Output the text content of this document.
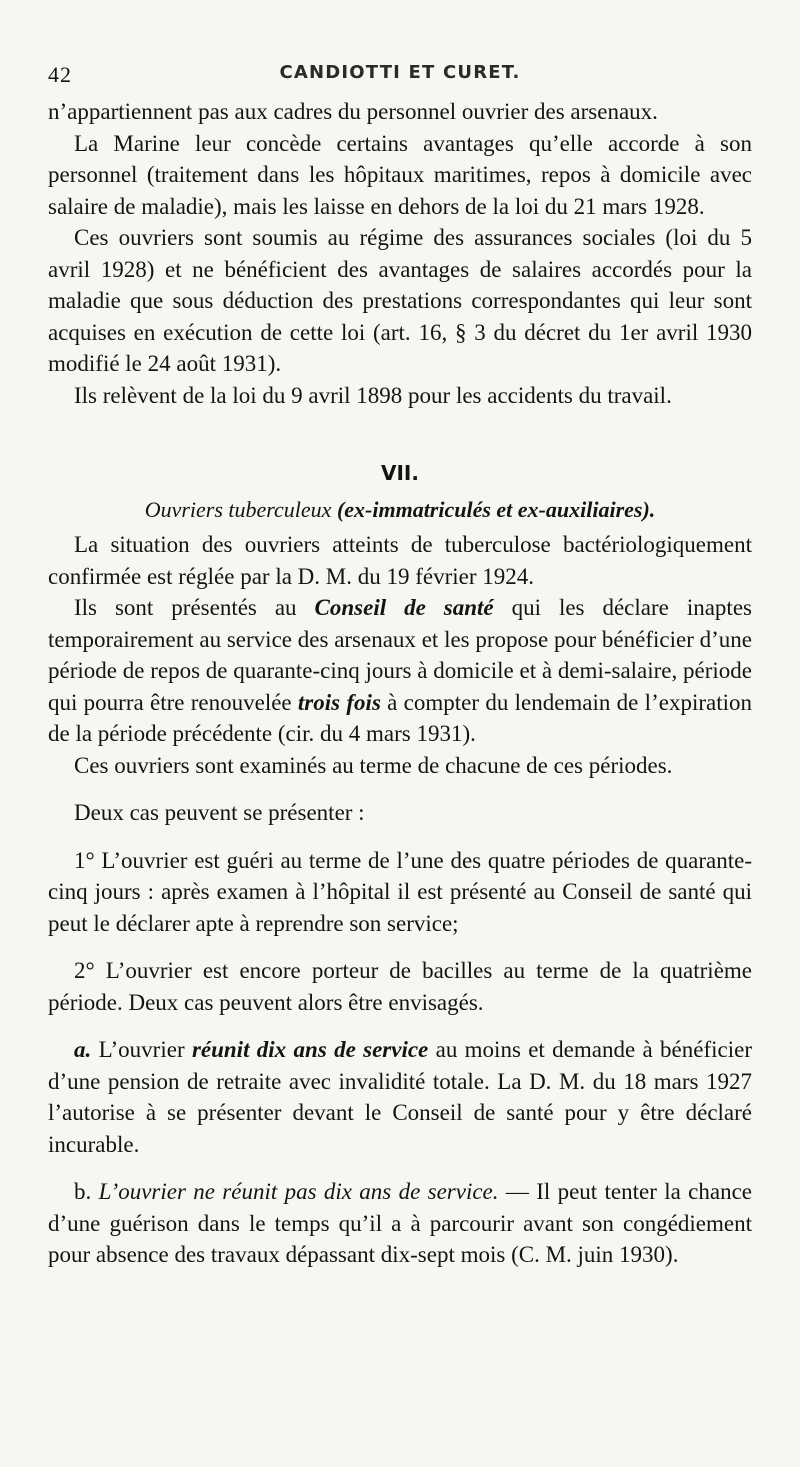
42	CANDIOTTI ET CURET.

n’appartiennent pas aux cadres du personnel ouvrier des arsenaux.

La Marine leur concède certains avantages qu’elle accorde à son personnel (traitement dans les hôpitaux maritimes, repos à domicile avec salaire de maladie), mais les laisse en dehors de la loi du 21 mars 1928.

Ces ouvriers sont soumis au régime des assurances sociales (loi du 5 avril 1928) et ne bénéficient des avantages de salaires accordés pour la maladie que sous déduction des prestations correspondantes qui leur sont acquises en exécution de cette loi (art. 16, § 3 du décret du 1er avril 1930 modifié le 24 août 1931).

Ils relèvent de la loi du 9 avril 1898 pour les accidents du travail.

VII.
Ouvriers tuberculeux (ex-immatriculés et ex-auxiliaires).

La situation des ouvriers atteints de tuberculose bactériologiquement confirmée est réglée par la D. M. du 19 février 1924.

Ils sont présentés au Conseil de santé qui les déclare inaptes temporairement au service des arsenaux et les propose pour bénéficier d’une période de repos de quarante-cinq jours à domicile et à demi-salaire, période qui pourra être renouvelée trois fois à compter du lendemain de l’expiration de la période précédente (cir. du 4 mars 1931).

Ces ouvriers sont examinés au terme de chacune de ces périodes.

Deux cas peuvent se présenter :

1° L’ouvrier est guéri au terme de l’une des quatre périodes de quarante-cinq jours : après examen à l’hôpital il est présenté au Conseil de santé qui peut le déclarer apte à reprendre son service;

2° L’ouvrier est encore porteur de bacilles au terme de la quatrième période. Deux cas peuvent alors être envisagés.

a. L’ouvrier réunit dix ans de service au moins et demande à bénéficier d’une pension de retraite avec invalidité totale. La D. M. du 18 mars 1927 l’autorise à se présenter devant le Conseil de santé pour y être déclaré incurable.

b. L’ouvrier ne réunit pas dix ans de service. — Il peut tenter la chance d’une guérison dans le temps qu’il a à parcourir avant son congédiement pour absence des travaux dépassant dix-sept mois (C. M. juin 1930).
